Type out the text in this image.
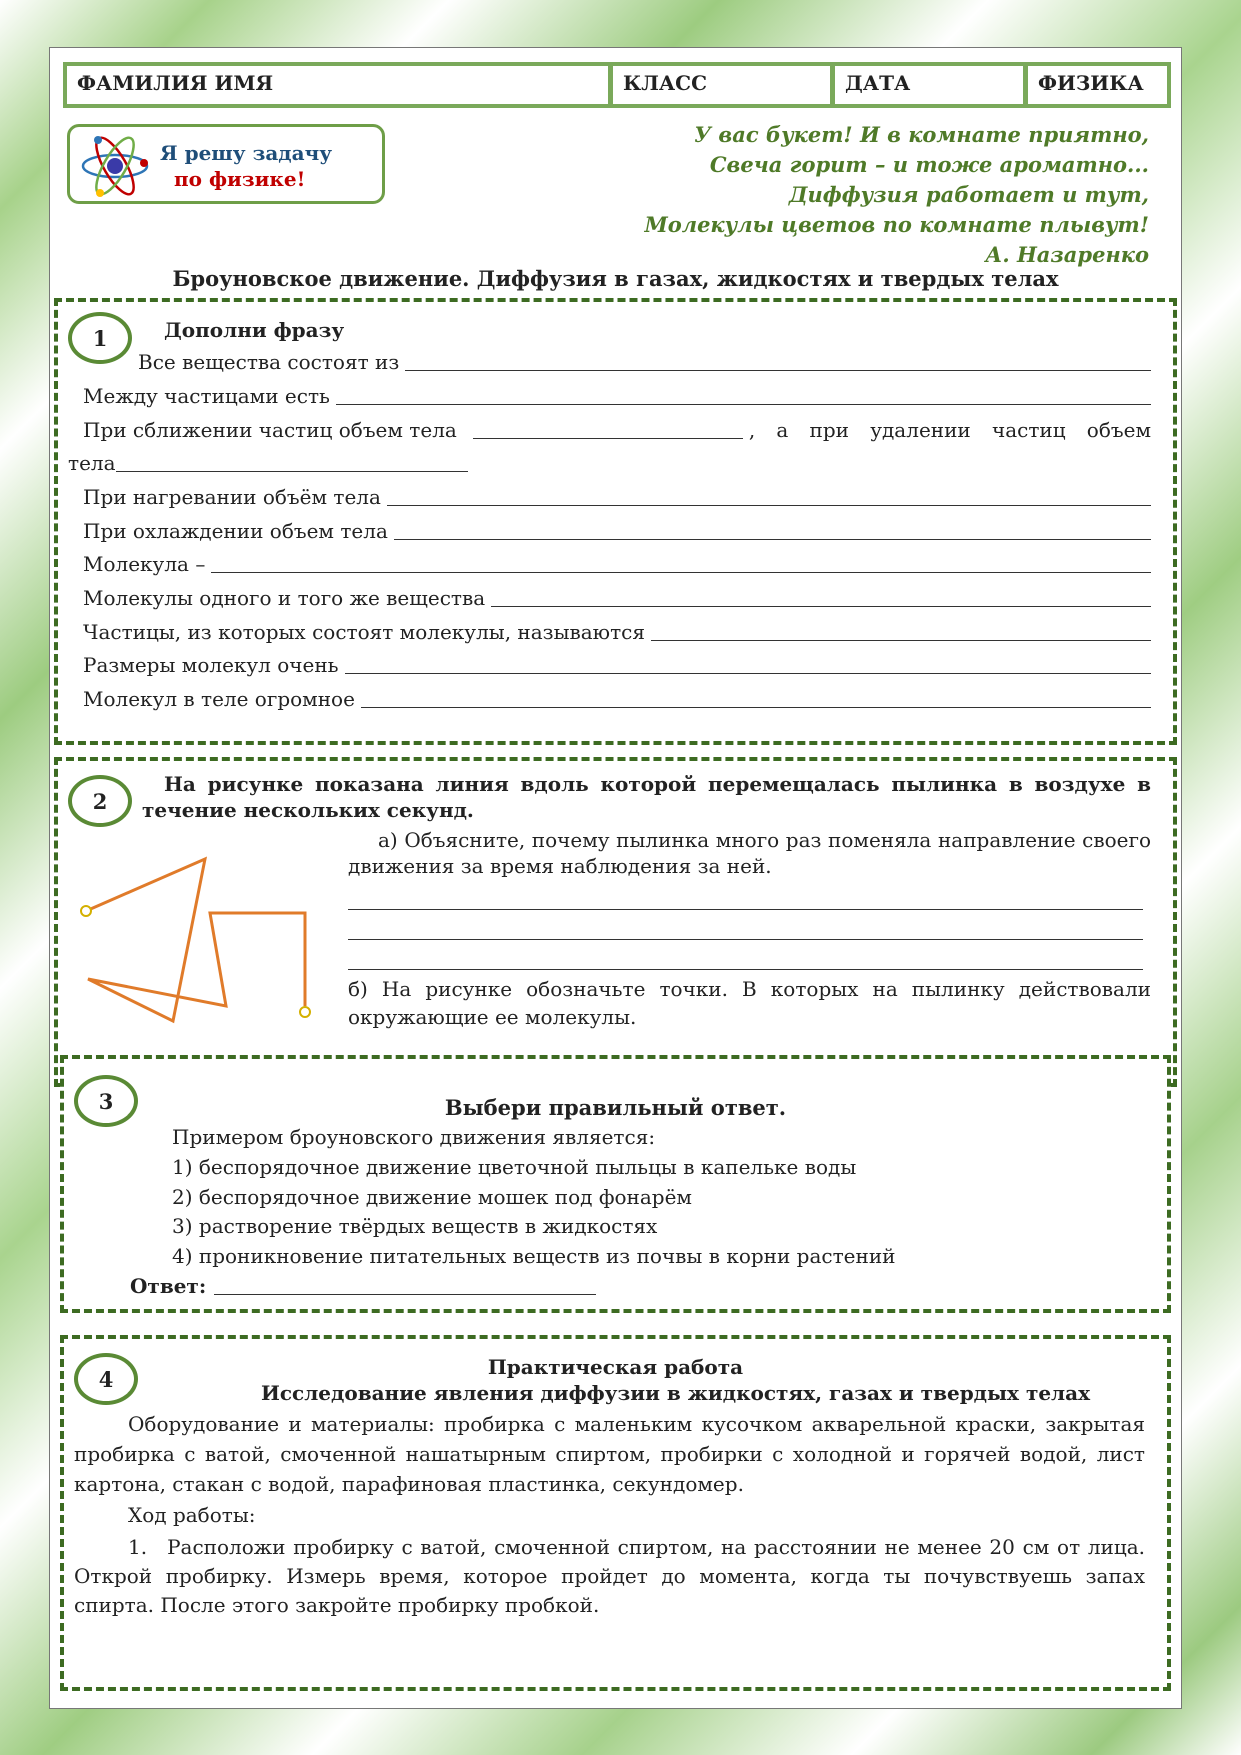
ФАМИЛИЯ ИМЯ	КЛАСС	ДАТА	ФИЗИКА
Я решу задачу
по физике!
У вас букет! И в комнате приятно,
Свеча горит – и тоже ароматно...
Диффузия работает и тут,
Молекулы цветов по комнате плывут!
А. Назаренко
Броуновское движение. Диффузия в газах, жидкостях и твердых телах
1	Дополни фразу
Все вещества состоят из
Между частицами есть
При сближении частиц объем тела	, а при удалении частиц объем
тела
При нагревании объём тела
При охлаждении объем тела
Молекула –
Молекулы одного и того же вещества
Частицы, из которых состоят молекулы, называются
Размеры молекул очень
Молекул в теле огромное
2
На рисунке показана линия вдоль которой перемещалась пылинка в воздухе в течение нескольких секунд.
а) Объясните, почему пылинка много раз поменяла направление своего движения за время наблюдения за ней.
б) На рисунке обозначьте точки. В которых на пылинку действовали окружающие ее молекулы.
3	Выбери правильный ответ.
Примером броуновского движения является:
1) беспорядочное движение цветочной пыльцы в капельке воды
2) беспорядочное движение мошек под фонарём
3) растворение твёрдых веществ в жидкостях
4) проникновение питательных веществ из почвы в корни растений
Ответ:
4	Практическая работа
Исследование явления диффузии в жидкостях, газах и твердых телах
Оборудование и материалы: пробирка с маленьким кусочком акварельной краски, закрытая пробирка с ватой, смоченной нашатырным спиртом, пробирки с холодной и горячей водой, лист картона, стакан с водой, парафиновая пластинка, секундомер.
Ход работы:
1. Расположи пробирку с ватой, смоченной спиртом, на расстоянии не менее 20 см от лица. Открой пробирку. Измерь время, которое пройдет до момента, когда ты почувствуешь запах спирта. После этого закройте пробирку пробкой.
